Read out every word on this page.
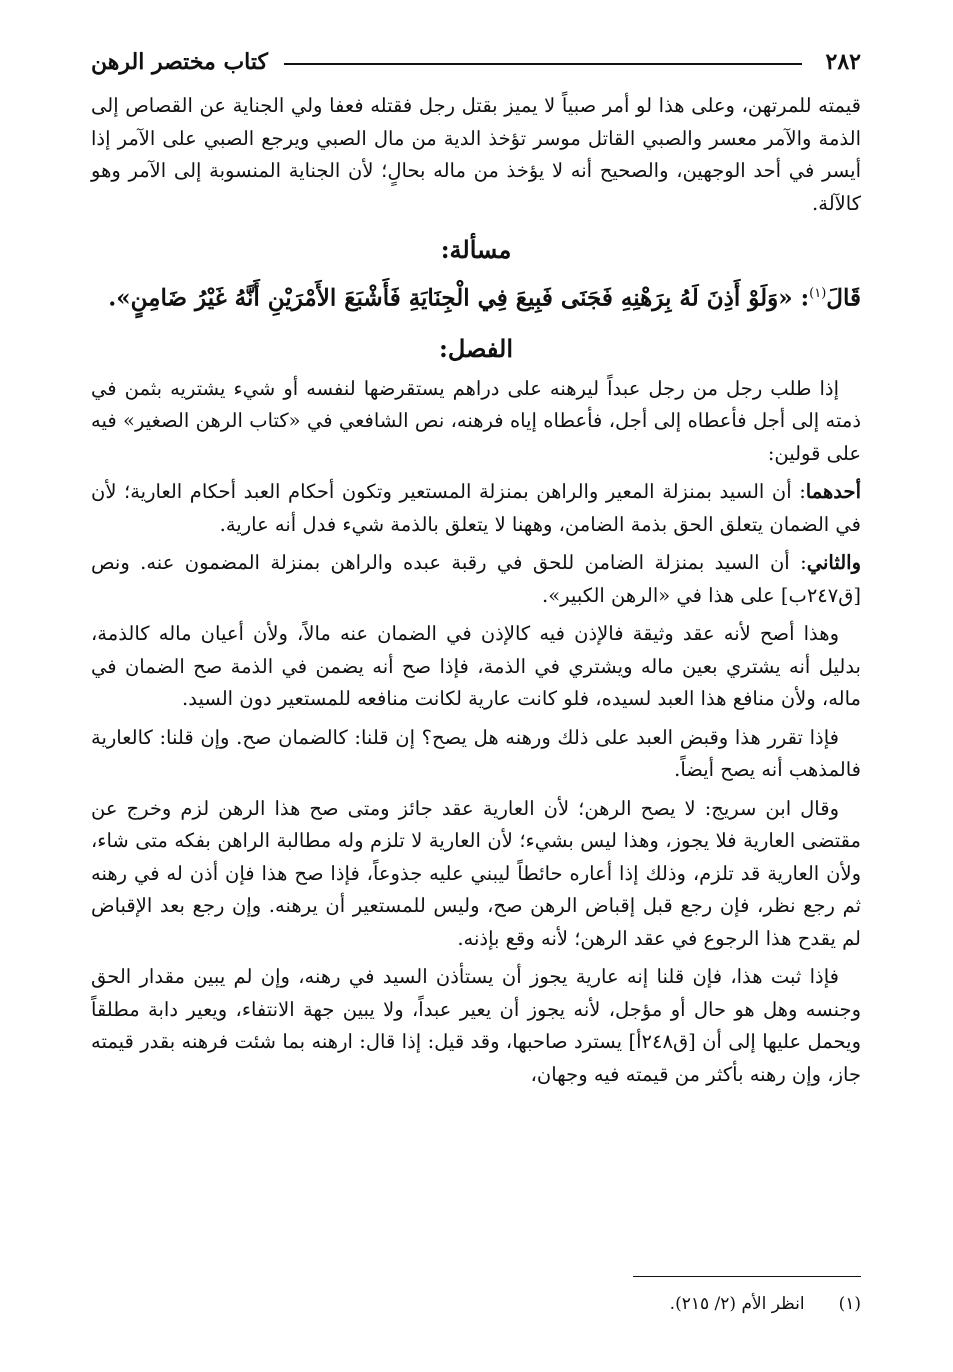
٢٨٢
كتاب مختصر الرهن

قيمته للمرتهن، وعلى هذا لو أمر صبياً لا يميز بقتل رجل فقتله فعفا ولي الجناية عن القصاص إلى الذمة والآمر معسر والصبي القاتل موسر تؤخذ الدية من مال الصبي ويرجع الصبي على الآمر إذا أيسر في أحد الوجهين، والصحيح أنه لا يؤخذ من ماله بحالٍ؛ لأن الجناية المنسوبة إلى الآمر وهو كالآلة.

مسألة:

قَالَ$^{(١)}$: «وَلَوْ أَذِنَ لَهُ بِرَهْنِهِ فَجَنَى فَبِيعَ فِي الْجِنَايَةِ فَأَشْبَعَ الأَمْرَيْنِ أَنَّهُ غَيْرُ ضَامِنٍ».

الفصل:

إذا طلب رجل من رجل عبداً ليرهنه على دراهم يستقرضها لنفسه أو شيء يشتريه بثمن في ذمته إلى أجل فأعطاه إلى أجل، فأعطاه إياه فرهنه، نص الشافعي في «كتاب الرهن الصغير» فيه على قولين:

أحدهما: أن السيد بمنزلة المعير والراهن بمنزلة المستعير وتكون أحكام العبد أحكام العارية؛ لأن في الضمان يتعلق الحق بذمة الضامن، وههنا لا يتعلق بالذمة شيء فدل أنه عارية.

والثاني: أن السيد بمنزلة الضامن للحق في رقبة عبده والراهن بمنزلة المضمون عنه. ونص [ق٢٤٧ب] على هذا في «الرهن الكبير».

وهذا أصح لأنه عقد وثيقة فالإذن فيه كالإذن في الضمان عنه مالاً، ولأن أعيان ماله كالذمة، بدليل أنه يشتري بعين ماله ويشتري في الذمة، فإذا صح أنه يضمن في الذمة صح الضمان في ماله، ولأن منافع هذا العبد لسيده، فلو كانت عارية لكانت منافعه للمستعير دون السيد.

فإذا تقرر هذا وقبض العبد على ذلك ورهنه هل يصح؟ إن قلنا: كالضمان صح. وإن قلنا: كالعارية فالمذهب أنه يصح أيضاً.

وقال ابن سريج: لا يصح الرهن؛ لأن العارية عقد جائز ومتى صح هذا الرهن لزم وخرج عن مقتضى العارية فلا يجوز، وهذا ليس بشيء؛ لأن العارية لا تلزم وله مطالبة الراهن بفكه متى شاء، ولأن العارية قد تلزم، وذلك إذا أعاره حائطاً ليبني عليه جذوعاً، فإذا صح هذا فإن أذن له في رهنه ثم رجع نظر، فإن رجع قبل إقباض الرهن صح، وليس للمستعير أن يرهنه. وإن رجع بعد الإقباض لم يقدح هذا الرجوع في عقد الرهن؛ لأنه وقع بإذنه.

فإذا ثبت هذا، فإن قلنا إنه عارية يجوز أن يستأذن السيد في رهنه، وإن لم يبين مقدار الحق وجنسه وهل هو حال أو مؤجل، لأنه يجوز أن يعير عبداً، ولا يبين جهة الانتفاء، ويعير دابة مطلقاً ويحمل عليها إلى أن [ق٢٤٨أ] يسترد صاحبها، وقد قيل: إذا قال: ارهنه بما شئت فرهنه بقدر قيمته جاز، وإن رهنه بأكثر من قيمته فيه وجهان،

(١)انظر الأم (٢/ ٢١٥).
